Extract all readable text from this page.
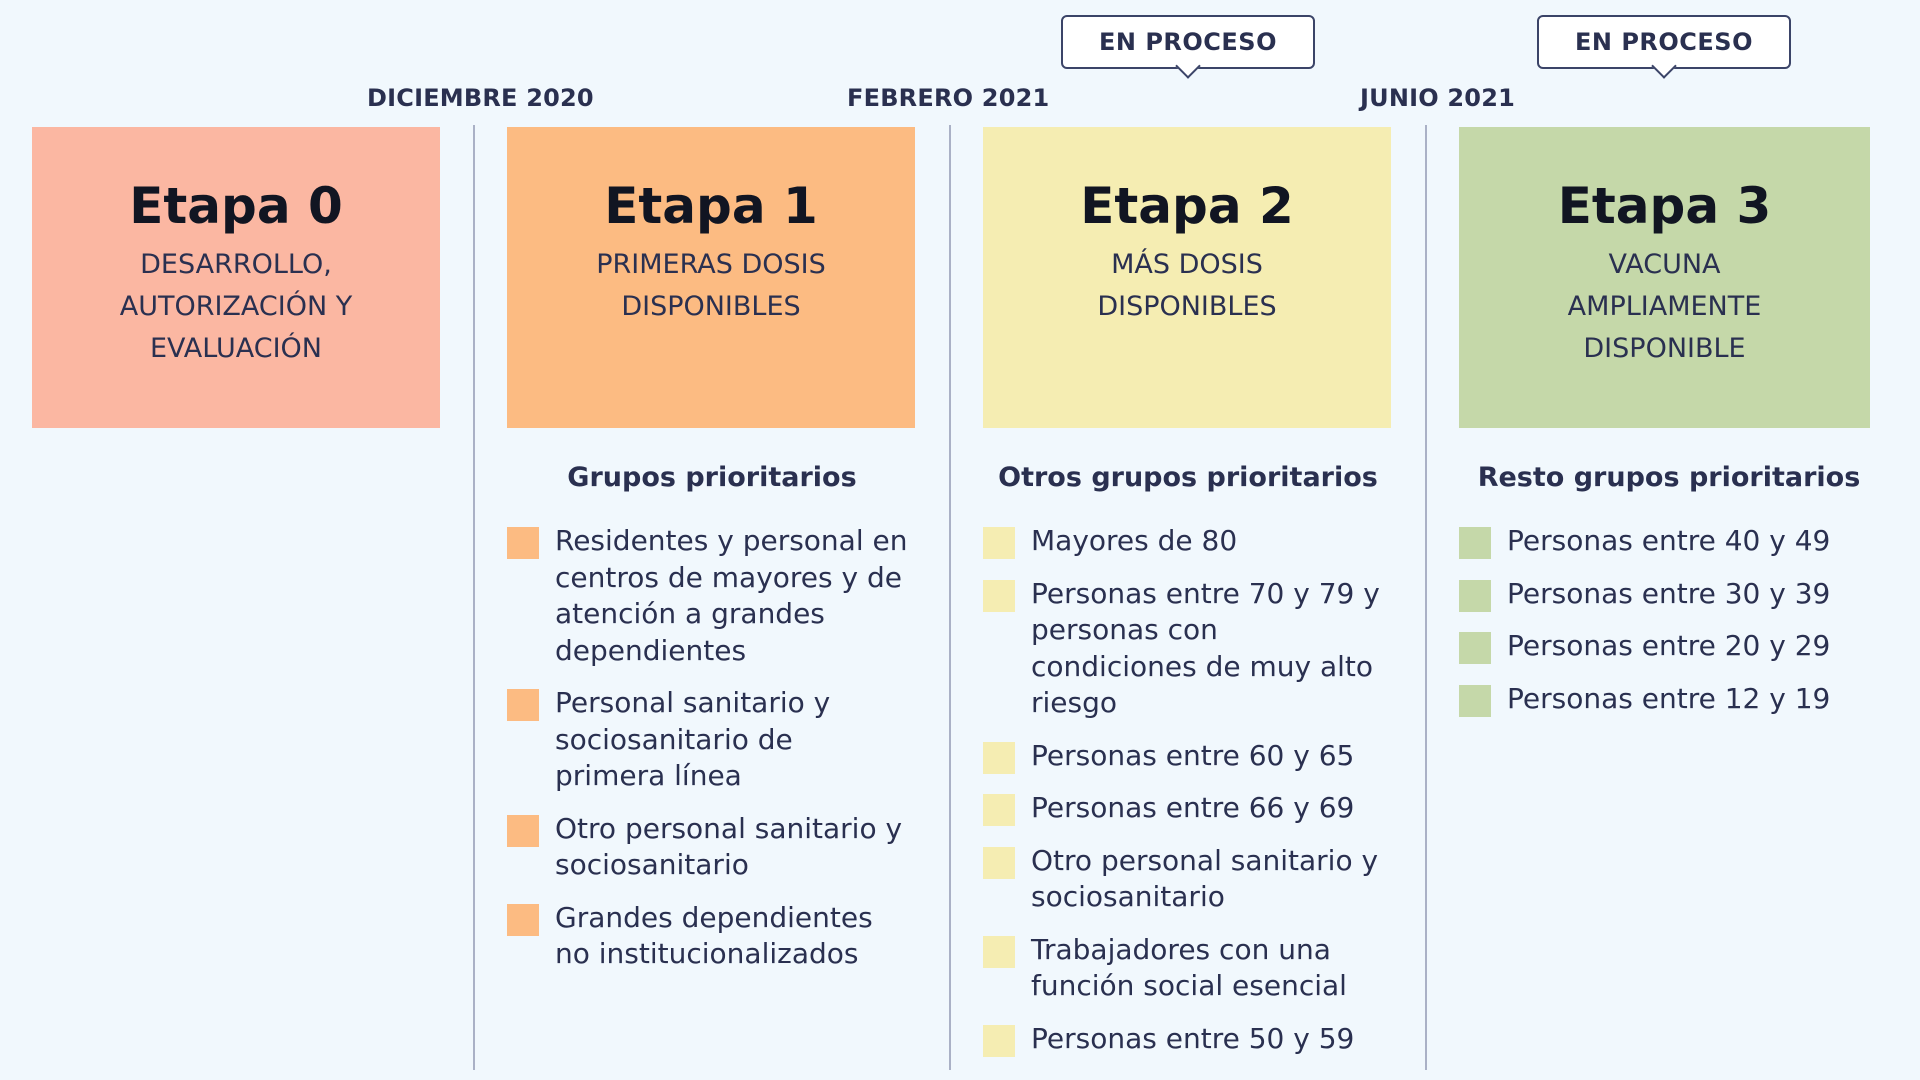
DICIEMBRE 2020	FEBRERO 2021	JUNIO 2021
EN PROCESO	EN PROCESO
Etapa 0
DESARROLLO,
AUTORIZACIÓN Y
EVALUACIÓN
Etapa 1
PRIMERAS DOSIS
DISPONIBLES
Etapa 2
MÁS DOSIS
DISPONIBLES
Etapa 3
VACUNA
AMPLIAMENTE
DISPONIBLE
Grupos prioritarios
Residentes y personal en
centros de mayores y de
atención a grandes
dependientes
Personal sanitario y
sociosanitario de
primera línea
Otro personal sanitario y
sociosanitario
Grandes dependientes
no institucionalizados
Otros grupos prioritarios
Mayores de 80
Personas entre 70 y 79 y
personas con
condiciones de muy alto
riesgo
Personas entre 60 y 65
Personas entre 66 y 69
Otro personal sanitario y
sociosanitario
Trabajadores con una
función social esencial
Personas entre 50 y 59
Resto grupos prioritarios
Personas entre 40 y 49
Personas entre 30 y 39
Personas entre 20 y 29
Personas entre 12 y 19
